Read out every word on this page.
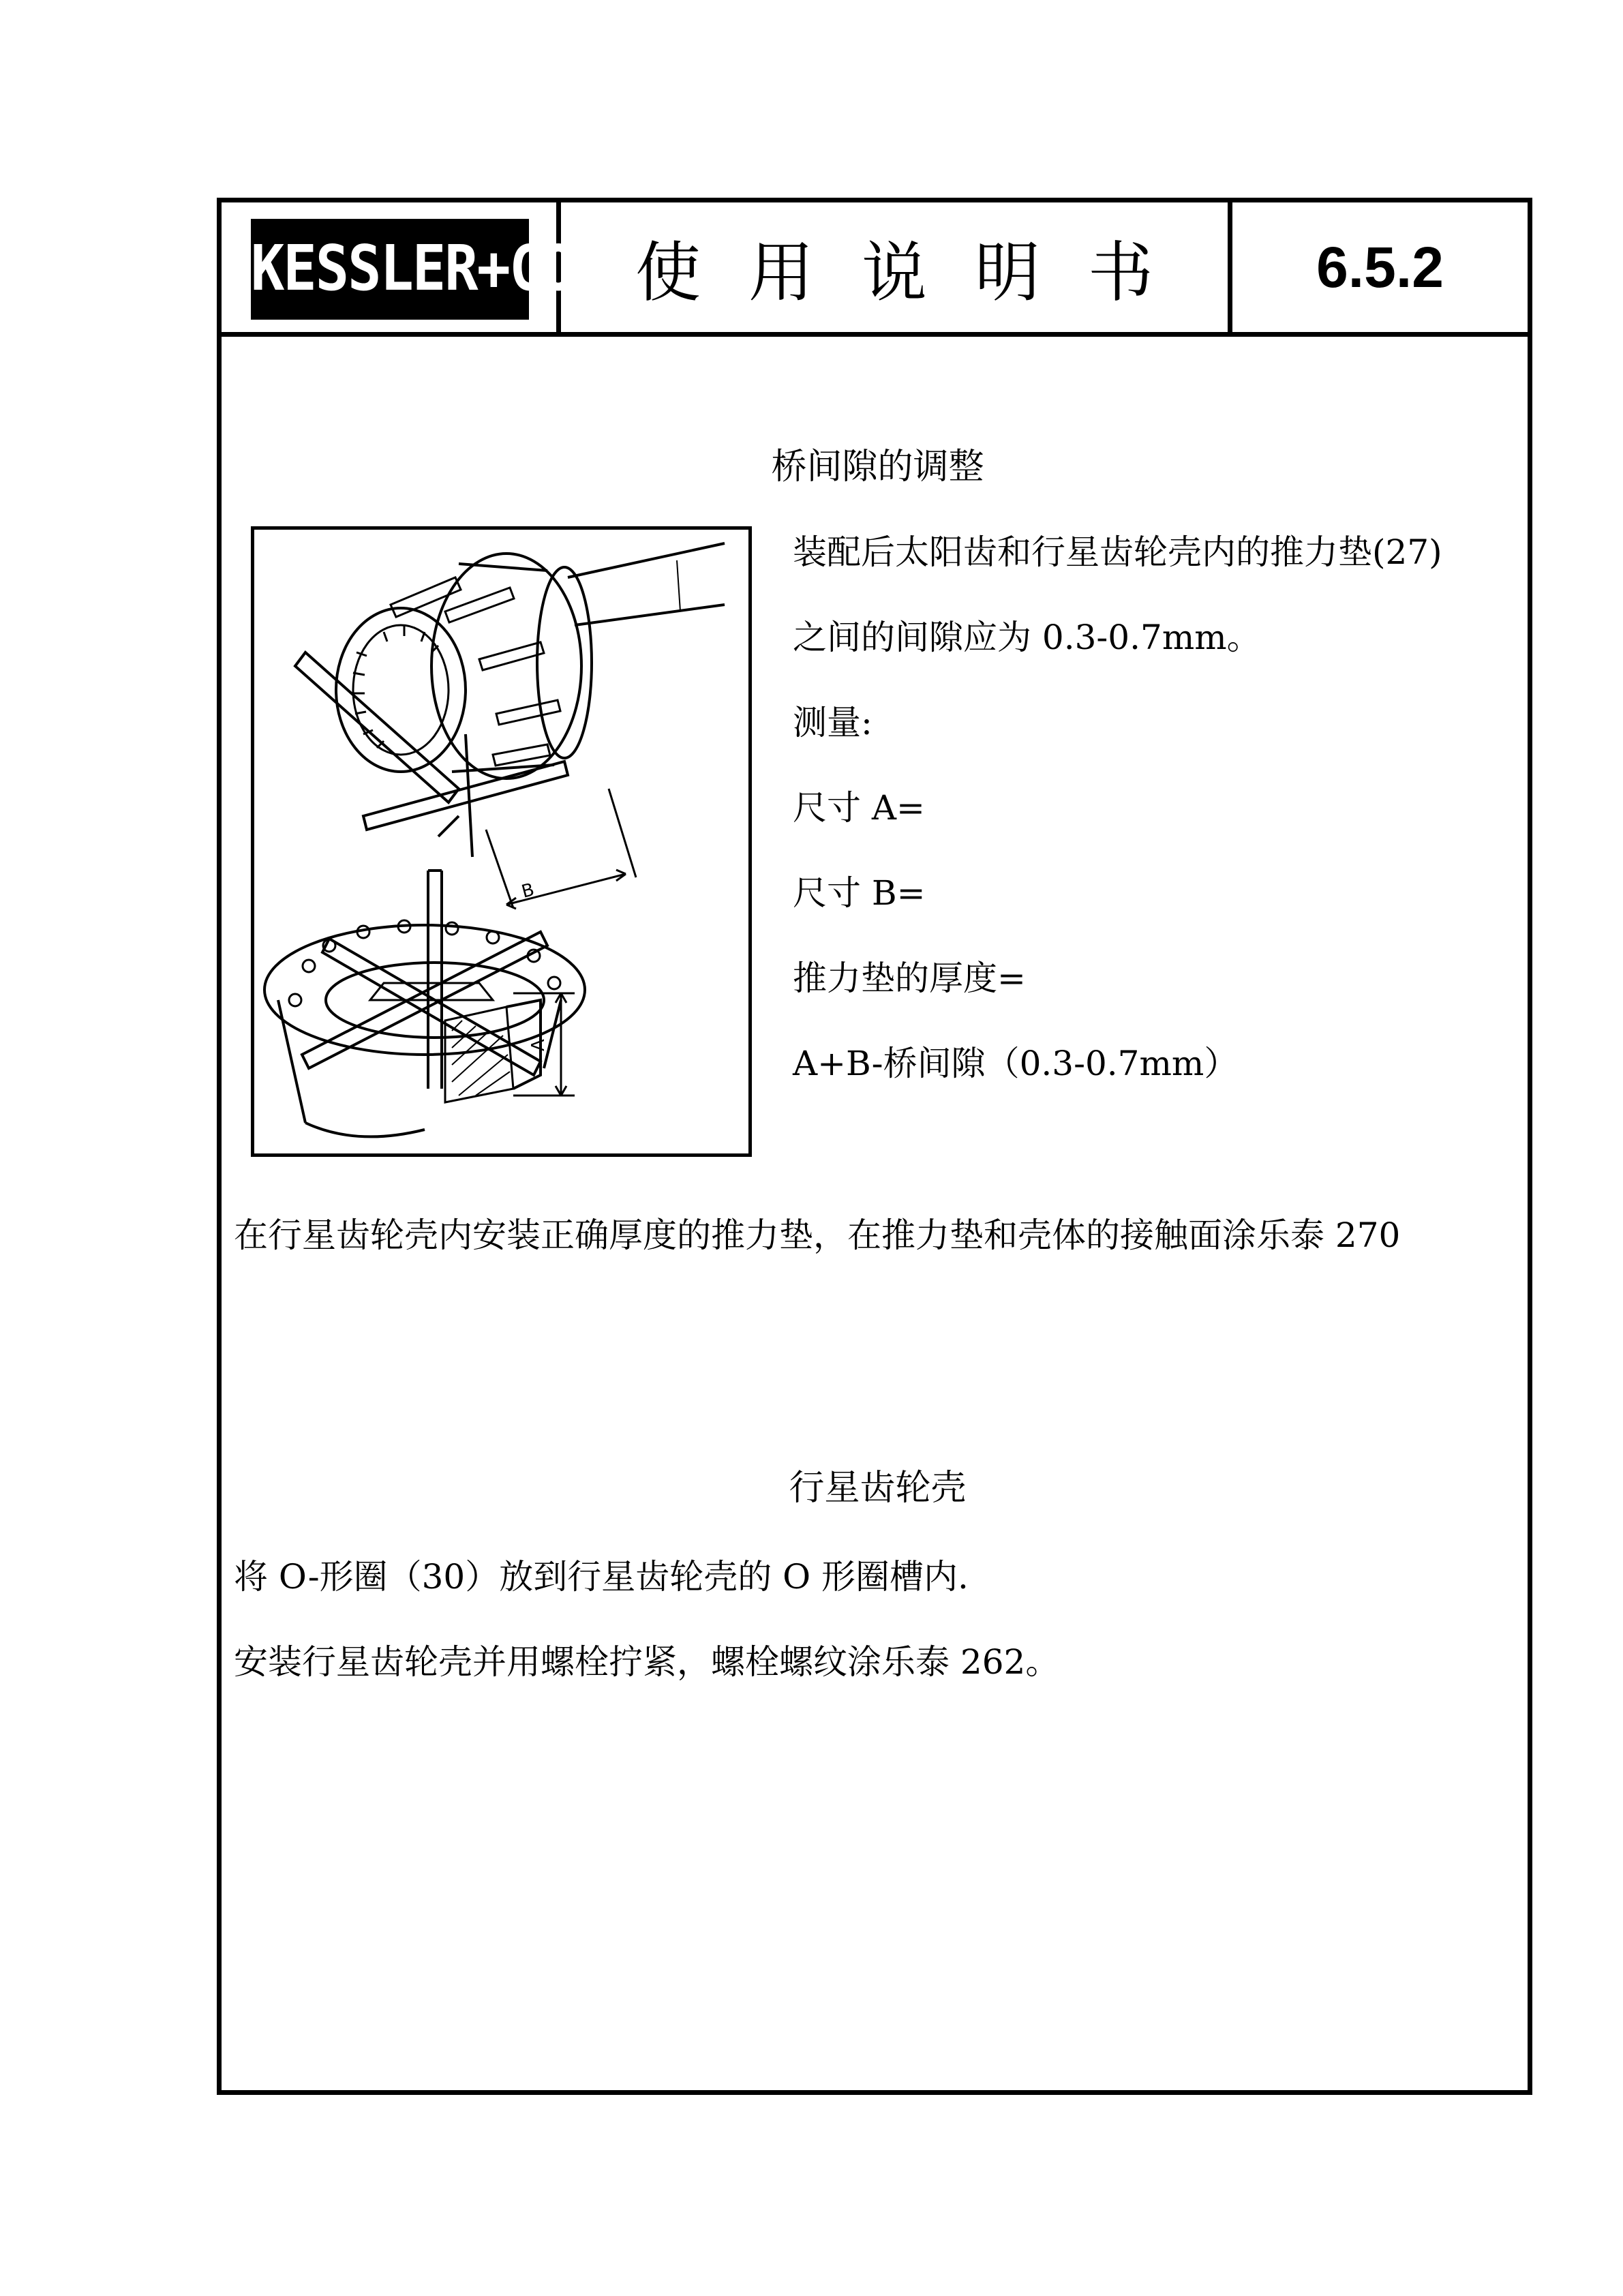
KESSLER+CO 使用说明书	6.5.2
桥间隙的调整
B
A
装配后太阳齿和行星齿轮壳内的推力垫(27)
之间的间隙应为 0.3-0.7mm。
测量:
尺寸 A=
尺寸 B=
推力垫的厚度=
A+B-桥间隙（0.3-0.7mm）
在行星齿轮壳内安装正确厚度的推力垫，在推力垫和壳体的接触面涂乐泰 270
行星齿轮壳
将 O-形圈（30）放到行星齿轮壳的 O 形圈槽内.
安装行星齿轮壳并用螺栓拧紧，螺栓螺纹涂乐泰 262。
